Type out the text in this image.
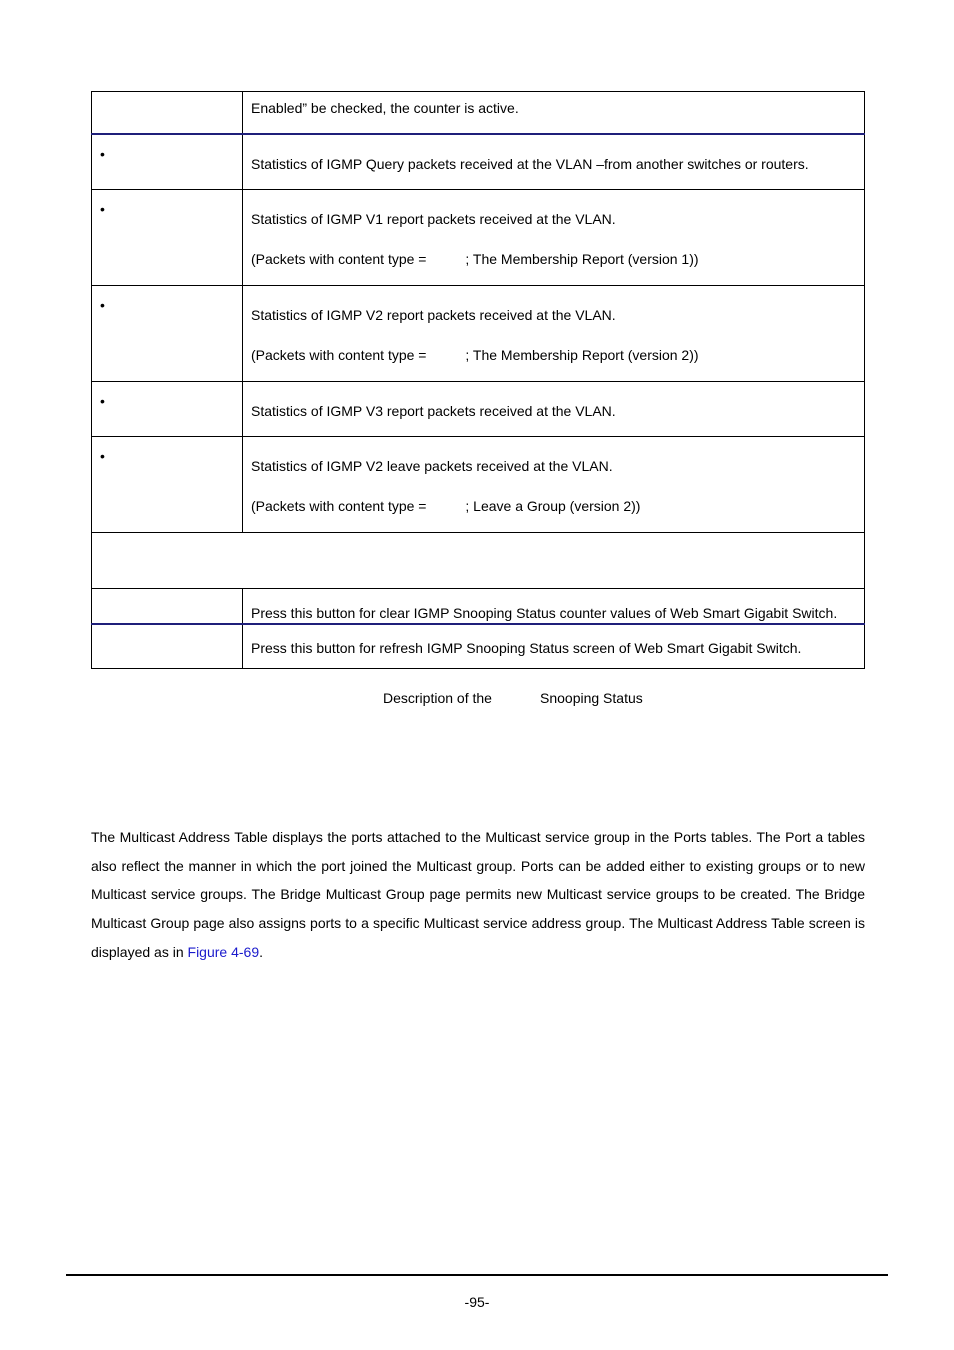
	Enabled” be checked, the counter is active.

•	Statistics of IGMP Query packets received at the VLAN –from another switches or routers.

•	Statistics of IGMP V1 report packets received at the VLAN.

(Packets with content type =          ; The Membership Report (version 1))

•	Statistics of IGMP V2 report packets received at the VLAN.

(Packets with content type =          ; The Membership Report (version 2))

•	Statistics of IGMP V3 report packets received at the VLAN.

•	Statistics of IGMP V2 leave packets received at the VLAN.

(Packets with content type =          ; Leave a Group (version 2))

	Press this button for clear IGMP Snooping Status counter values of Web Smart Gigabit Switch.

	Press this button for refresh IGMP Snooping Status screen of Web Smart Gigabit Switch.

Description of the	Snooping Status

The Multicast Address Table displays the ports attached to the Multicast service group in the Ports tables. The Port a tables also reflect the manner in which the port joined the Multicast group. Ports can be added either to existing groups or to new Multicast service groups. The Bridge Multicast Group page permits new Multicast service groups to be created. The Bridge Multicast Group page also assigns ports to a specific Multicast service address group. The Multicast Address Table screen is displayed as in Figure 4-69.

-95-
